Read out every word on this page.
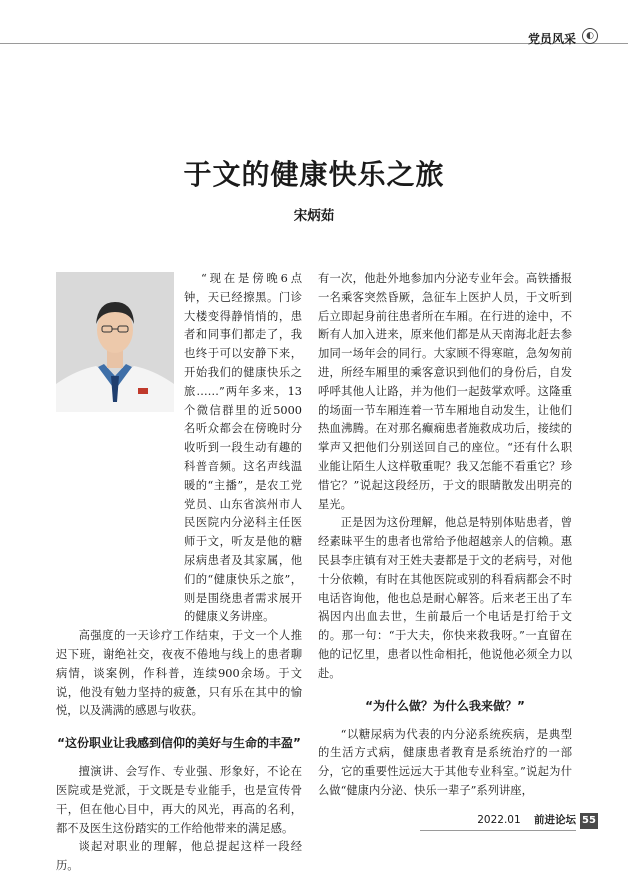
党员风采	◐
于文的健康快乐之旅
宋炳茹

“现在是傍晚6点钟，天已经擦黑。门诊大楼变得静悄悄的，患者和同事们都走了，我也终于可以安静下来，开始我们的健康快乐之旅……”两年多来，13个微信群里的近5000名听众都会在傍晚时分收听到一段生动有趣的科普音频。这名声线温暖的“主播”，是农工党党员、山东省滨州市人民医院内分泌科主任医师于文，听友是他的糖尿病患者及其家属，他们的“健康快乐之旅”，则是围绕患者需求展开的健康义务讲座。

高强度的一天诊疗工作结束，于文一个人推迟下班，谢绝社交，夜夜不倦地与线上的患者聊病情，谈案例，作科普，连续900余场。于文说，他没有勉力坚持的疲惫，只有乐在其中的愉悦，以及满满的感恩与收获。

“这份职业让我感到信仰的美好与生命的丰盈”

擅演讲、会写作、专业强、形象好，不论在医院或是党派，于文既是专业能手，也是宣传骨干，但在他心目中，再大的风光，再高的名利，都不及医生这份踏实的工作给他带来的满足感。

谈起对职业的理解，他总提起这样一段经历。

有一次，他赴外地参加内分泌专业年会。高铁播报一名乘客突然昏厥，急征车上医护人员，于文听到后立即起身前往患者所在车厢。在行进的途中，不断有人加入进来，原来他们都是从天南海北赶去参加同一场年会的同行。大家顾不得寒暄，急匆匆前进，所经车厢里的乘客意识到他们的身份后，自发呼呼其他人让路，并为他们一起鼓掌欢呼。这隆重的场面一节车厢连着一节车厢地自动发生，让他们热血沸腾。在对那名癫痫患者施救成功后，接续的掌声又把他们分别送回自己的座位。“还有什么职业能让陌生人这样敬重呢？我又怎能不看重它？珍惜它？”说起这段经历，于文的眼睛散发出明亮的星光。

正是因为这份理解，他总是特别体贴患者，曾经素昧平生的患者也常给予他超越亲人的信赖。惠民县李庄镇有对王姓夫妻都是于文的老病号，对他十分依赖，有时在其他医院或别的科看病都会不时电话咨询他，他也总是耐心解答。后来老王出了车祸因内出血去世，生前最后一个电话是打给于文的。那一句：“于大夫，你快来救我呀。”一直留在他的记忆里，患者以性命相托，他说他必须全力以赴。

“为什么做？为什么我来做？”

“以糖尿病为代表的内分泌系统疾病，是典型的生活方式病，健康患者教育是系统治疗的一部分，它的重要性远远大于其他专业科室。”说起为什么做“健康内分泌、快乐一辈子”系列讲座，

2022.01 前进论坛 55
